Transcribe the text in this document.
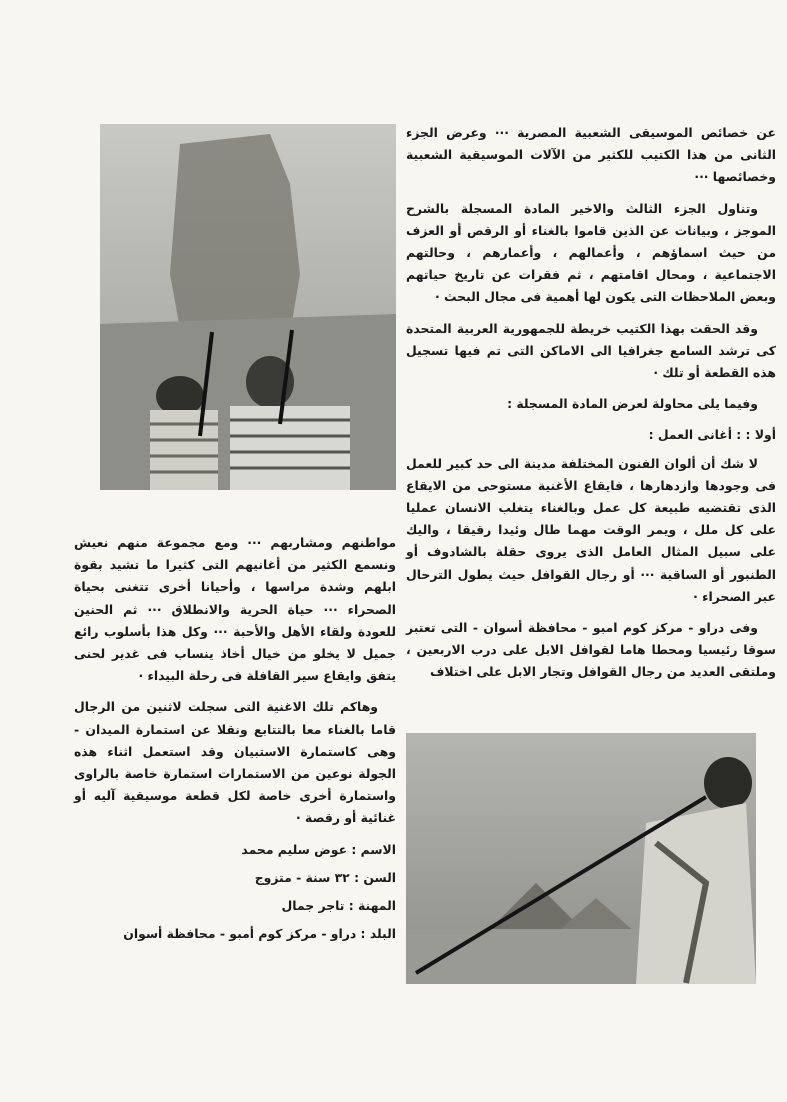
عن خصائص الموسيقى الشعبية المصرية ··· وعرض الجزء الثانى من هذا الكتيب للكثير من الآلات الموسيقية الشعبية وخصائصها ···

وتناول الجزء الثالث والاخير المادة المسجلة بالشرح الموجز ، وبيانات عن الذين قاموا بالغناء أو الرقص أو العزف من حيث اسماؤهم ، وأعمالهم ، وأعمارهم ، وحالتهم الاجتماعية ، ومحال اقامتهم ، ثم فقرات عن تاريخ حياتهم وبعض الملاحظات التى يكون لها أهمية فى مجال البحث ·

وقد الحقت بهذا الكتيب خريطة للجمهورية العربية المتحدة كى ترشد السامع جغرافيا الى الاماكن التى تم فيها تسجيل هذه القطعة أو تلك ·

وفيما يلى محاولة لعرض المادة المسجلة :

أولا : : أغانى العمل :

لا شك أن ألوان الفنون المختلفة مدينة الى حد كبير للعمل فى وجودها وازدهارها ، فايقاع الأغنية مستوحى من الايقاع الذى تقتضيه طبيعة كل عمل وبالغناء يتغلب الانسان عمليا على كل ملل ، ويمر الوقت مهما طال وئيدا رقيقا ، واليك على سبيل المثال العامل الذى يروى حقلة بالشادوف أو الطنبور أو الساقية ··· أو رجال القوافل حيث يطول الترحال عبر الصحراء ·

وفى دراو - مركز كوم امبو - محافظة أسوان - التى تعتبر سوقا رئيسيا ومحطا هاما لقوافل الابل على درب الاربعين ، وملتقى العديد من رجال القوافل وتجار الابل على اختلاف

مواطنهم ومشاربهم ··· ومع مجموعة منهم نعيش ونسمع الكثير من أغانيهم التى كثيرا ما تشيد بقوة ابلهم وشدة مراسها ، وأحيانا أخرى تتغنى بحياة الصحراء ··· حياة الحرية والانطلاق ··· ثم الحنين للعودة ولقاء الأهل والأحبة ··· وكل هذا بأسلوب رائع جميل لا يخلو من خيال أخاذ ينساب فى غدير لحنى يتفق وايقاع سير القافلة فى رحلة البيداء ·

وهاكم تلك الاغنية التى سجلت لاثنين من الرجال قاما بالغناء معا بالتتابع ونقلا عن استمارة الميدان - وهى كاستمارة الاستبيان وقد استعمل اثناء هذه الجولة نوعين من الاستمارات استمارة خاصة بالراوى واستمارة أخرى خاصة لكل قطعة موسيقية آليه أو غنائية أو رقصة ·

الاسم : عوض سليم محمد
السن : ٣٢ سنة - متزوج
المهنة : تاجر جمال
البلد : دراو - مركز كوم أمبو - محافظة أسوان
